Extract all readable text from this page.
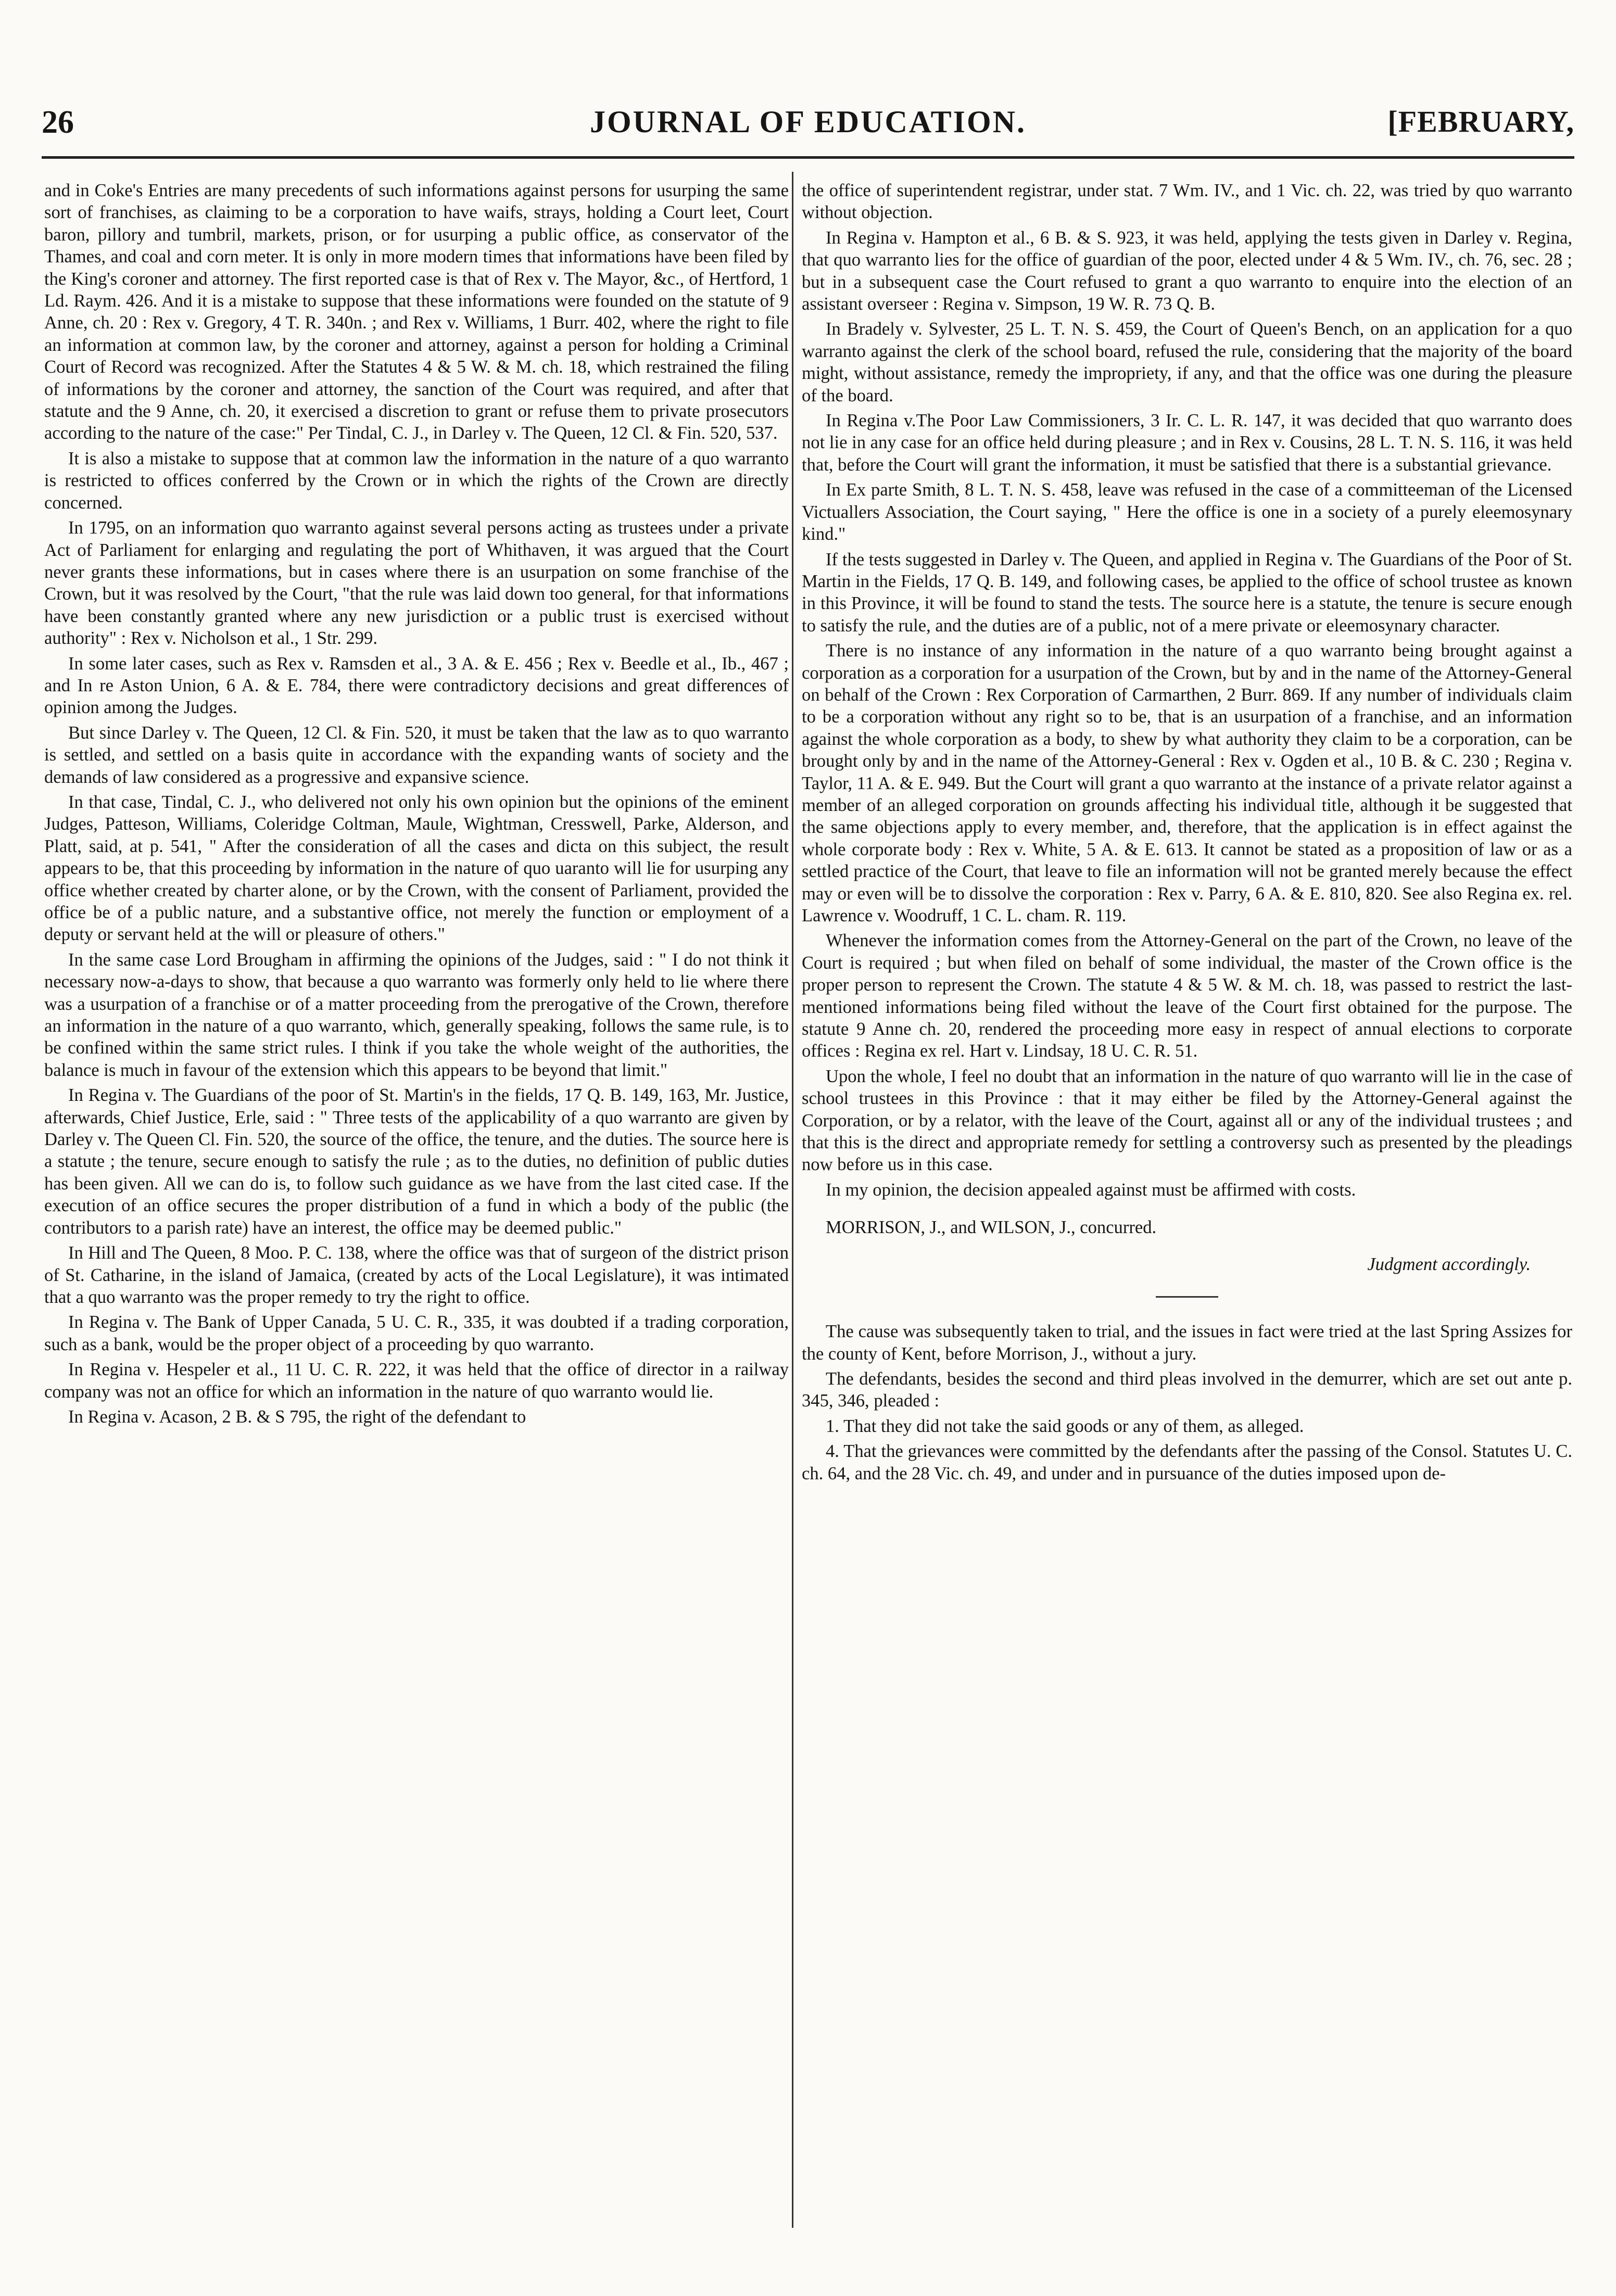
26	JOURNAL OF EDUCATION.	[FEBRUARY,

and in Coke's Entries are many precedents of such informations against persons for usurping the same sort of franchises, as claiming to be a corporation to have waifs, strays, holding a Court leet, Court baron, pillory and tumbril, markets, prison, or for usurping a public office, as conservator of the Thames, and coal and corn meter. It is only in more modern times that informations have been filed by the King's coroner and attorney. The first reported case is that of Rex v. The Mayor, &c., of Hertford, 1 Ld. Raym. 426. And it is a mistake to suppose that these informations were founded on the statute of 9 Anne, ch. 20 : Rex v. Gregory, 4 T. R. 340n. ; and Rex v. Williams, 1 Burr. 402, where the right to file an information at common law, by the coroner and attorney, against a person for holding a Criminal Court of Record was recognized. After the Statutes 4 & 5 W. & M. ch. 18, which restrained the filing of informations by the coroner and attorney, the sanction of the Court was required, and after that statute and the 9 Anne, ch. 20, it exercised a discretion to grant or refuse them to private prosecutors according to the nature of the case:" Per Tindal, C. J., in Darley v. The Queen, 12 Cl. & Fin. 520, 537.

It is also a mistake to suppose that at common law the information in the nature of a quo warranto is restricted to offices conferred by the Crown or in which the rights of the Crown are directly concerned.

In 1795, on an information quo warranto against several persons acting as trustees under a private Act of Parliament for enlarging and regulating the port of Whithaven, it was argued that the Court never grants these informations, but in cases where there is an usurpation on some franchise of the Crown, but it was resolved by the Court, "that the rule was laid down too general, for that informations have been constantly granted where any new jurisdiction or a public trust is exercised without authority" : Rex v. Nicholson et al., 1 Str. 299.

In some later cases, such as Rex v. Ramsden et al., 3 A. & E. 456 ; Rex v. Beedle et al., Ib., 467 ; and In re Aston Union, 6 A. & E. 784, there were contradictory decisions and great differences of opinion among the Judges.

But since Darley v. The Queen, 12 Cl. & Fin. 520, it must be taken that the law as to quo warranto is settled, and settled on a basis quite in accordance with the expanding wants of society and the demands of law considered as a progressive and expansive science.

In that case, Tindal, C. J., who delivered not only his own opinion but the opinions of the eminent Judges, Patteson, Williams, Coleridge Coltman, Maule, Wightman, Cresswell, Parke, Alderson, and Platt, said, at p. 541, " After the consideration of all the cases and dicta on this subject, the result appears to be, that this proceeding by information in the nature of quo uaranto will lie for usurping any office whether created by charter alone, or by the Crown, with the consent of Parliament, provided the office be of a public nature, and a substantive office, not merely the function or employment of a deputy or servant held at the will or pleasure of others."

In the same case Lord Brougham in affirming the opinions of the Judges, said : " I do not think it necessary now-a-days to show, that because a quo warranto was formerly only held to lie where there was a usurpation of a franchise or of a matter proceeding from the prerogative of the Crown, therefore an information in the nature of a quo warranto, which, generally speaking, follows the same rule, is to be confined within the same strict rules. I think if you take the whole weight of the authorities, the balance is much in favour of the extension which this appears to be beyond that limit."

In Regina v. The Guardians of the poor of St. Martin's in the fields, 17 Q. B. 149, 163, Mr. Justice, afterwards, Chief Justice, Erle, said : " Three tests of the applicability of a quo warranto are given by Darley v. The Queen Cl. Fin. 520, the source of the office, the tenure, and the duties. The source here is a statute ; the tenure, secure enough to satisfy the rule ; as to the duties, no definition of public duties has been given. All we can do is, to follow such guidance as we have from the last cited case. If the execution of an office secures the proper distribution of a fund in which a body of the public (the contributors to a parish rate) have an interest, the office may be deemed public."

In Hill and The Queen, 8 Moo. P. C. 138, where the office was that of surgeon of the district prison of St. Catharine, in the island of Jamaica, (created by acts of the Local Legislature), it was intimated that a quo warranto was the proper remedy to try the right to office.

In Regina v. The Bank of Upper Canada, 5 U. C. R., 335, it was doubted if a trading corporation, such as a bank, would be the proper object of a proceeding by quo warranto.

In Regina v. Hespeler et al., 11 U. C. R. 222, it was held that the office of director in a railway company was not an office for which an information in the nature of quo warranto would lie.

In Regina v. Acason, 2 B. & S 795, the right of the defendant to

the office of superintendent registrar, under stat. 7 Wm. IV., and 1 Vic. ch. 22, was tried by quo warranto without objection.

In Regina v. Hampton et al., 6 B. & S. 923, it was held, applying the tests given in Darley v. Regina, that quo warranto lies for the office of guardian of the poor, elected under 4 & 5 Wm. IV., ch. 76, sec. 28 ; but in a subsequent case the Court refused to grant a quo warranto to enquire into the election of an assistant overseer : Regina v. Simpson, 19 W. R. 73 Q. B.

In Bradely v. Sylvester, 25 L. T. N. S. 459, the Court of Queen's Bench, on an application for a quo warranto against the clerk of the school board, refused the rule, considering that the majority of the board might, without assistance, remedy the impropriety, if any, and that the office was one during the pleasure of the board.

In Regina v.The Poor Law Commissioners, 3 Ir. C. L. R. 147, it was decided that quo warranto does not lie in any case for an office held during pleasure ; and in Rex v. Cousins, 28 L. T. N. S. 116, it was held that, before the Court will grant the information, it must be satisfied that there is a substantial grievance.

In Ex parte Smith, 8 L. T. N. S. 458, leave was refused in the case of a committeeman of the Licensed Victuallers Association, the Court saying, " Here the office is one in a society of a purely eleemosynary kind."

If the tests suggested in Darley v. The Queen, and applied in Regina v. The Guardians of the Poor of St. Martin in the Fields, 17 Q. B. 149, and following cases, be applied to the office of school trustee as known in this Province, it will be found to stand the tests. The source here is a statute, the tenure is secure enough to satisfy the rule, and the duties are of a public, not of a mere private or eleemosynary character.

There is no instance of any information in the nature of a quo warranto being brought against a corporation as a corporation for a usurpation of the Crown, but by and in the name of the Attorney-General on behalf of the Crown : Rex Corporation of Carmarthen, 2 Burr. 869. If any number of individuals claim to be a corporation without any right so to be, that is an usurpation of a franchise, and an information against the whole corporation as a body, to shew by what authority they claim to be a corporation, can be brought only by and in the name of the Attorney-General : Rex v. Ogden et al., 10 B. & C. 230 ; Regina v. Taylor, 11 A. & E. 949. But the Court will grant a quo warranto at the instance of a private relator against a member of an alleged corporation on grounds affecting his individual title, although it be suggested that the same objections apply to every member, and, therefore, that the application is in effect against the whole corporate body : Rex v. White, 5 A. & E. 613. It cannot be stated as a proposition of law or as a settled practice of the Court, that leave to file an information will not be granted merely because the effect may or even will be to dissolve the corporation : Rex v. Parry, 6 A. & E. 810, 820. See also Regina ex. rel. Lawrence v. Woodruff, 1 C. L. cham. R. 119.

Whenever the information comes from the Attorney-General on the part of the Crown, no leave of the Court is required ; but when filed on behalf of some individual, the master of the Crown office is the proper person to represent the Crown. The statute 4 & 5 W. & M. ch. 18, was passed to restrict the last-mentioned informations being filed without the leave of the Court first obtained for the purpose. The statute 9 Anne ch. 20, rendered the proceeding more easy in respect of annual elections to corporate offices : Regina ex rel. Hart v. Lindsay, 18 U. C. R. 51.

Upon the whole, I feel no doubt that an information in the nature of quo warranto will lie in the case of school trustees in this Province : that it may either be filed by the Attorney-General against the Corporation, or by a relator, with the leave of the Court, against all or any of the individual trustees ; and that this is the direct and appropriate remedy for settling a controversy such as presented by the pleadings now before us in this case.

In my opinion, the decision appealed against must be affirmed with costs.

MORRISON, J., and WILSON, J., concurred.

Judgment accordingly.

The cause was subsequently taken to trial, and the issues in fact were tried at the last Spring Assizes for the county of Kent, before Morrison, J., without a jury.

The defendants, besides the second and third pleas involved in the demurrer, which are set out ante p. 345, 346, pleaded :

1. That they did not take the said goods or any of them, as alleged.

4. That the grievances were committed by the defendants after the passing of the Consol. Statutes U. C. ch. 64, and the 28 Vic. ch. 49, and under and in pursuance of the duties imposed upon de-
